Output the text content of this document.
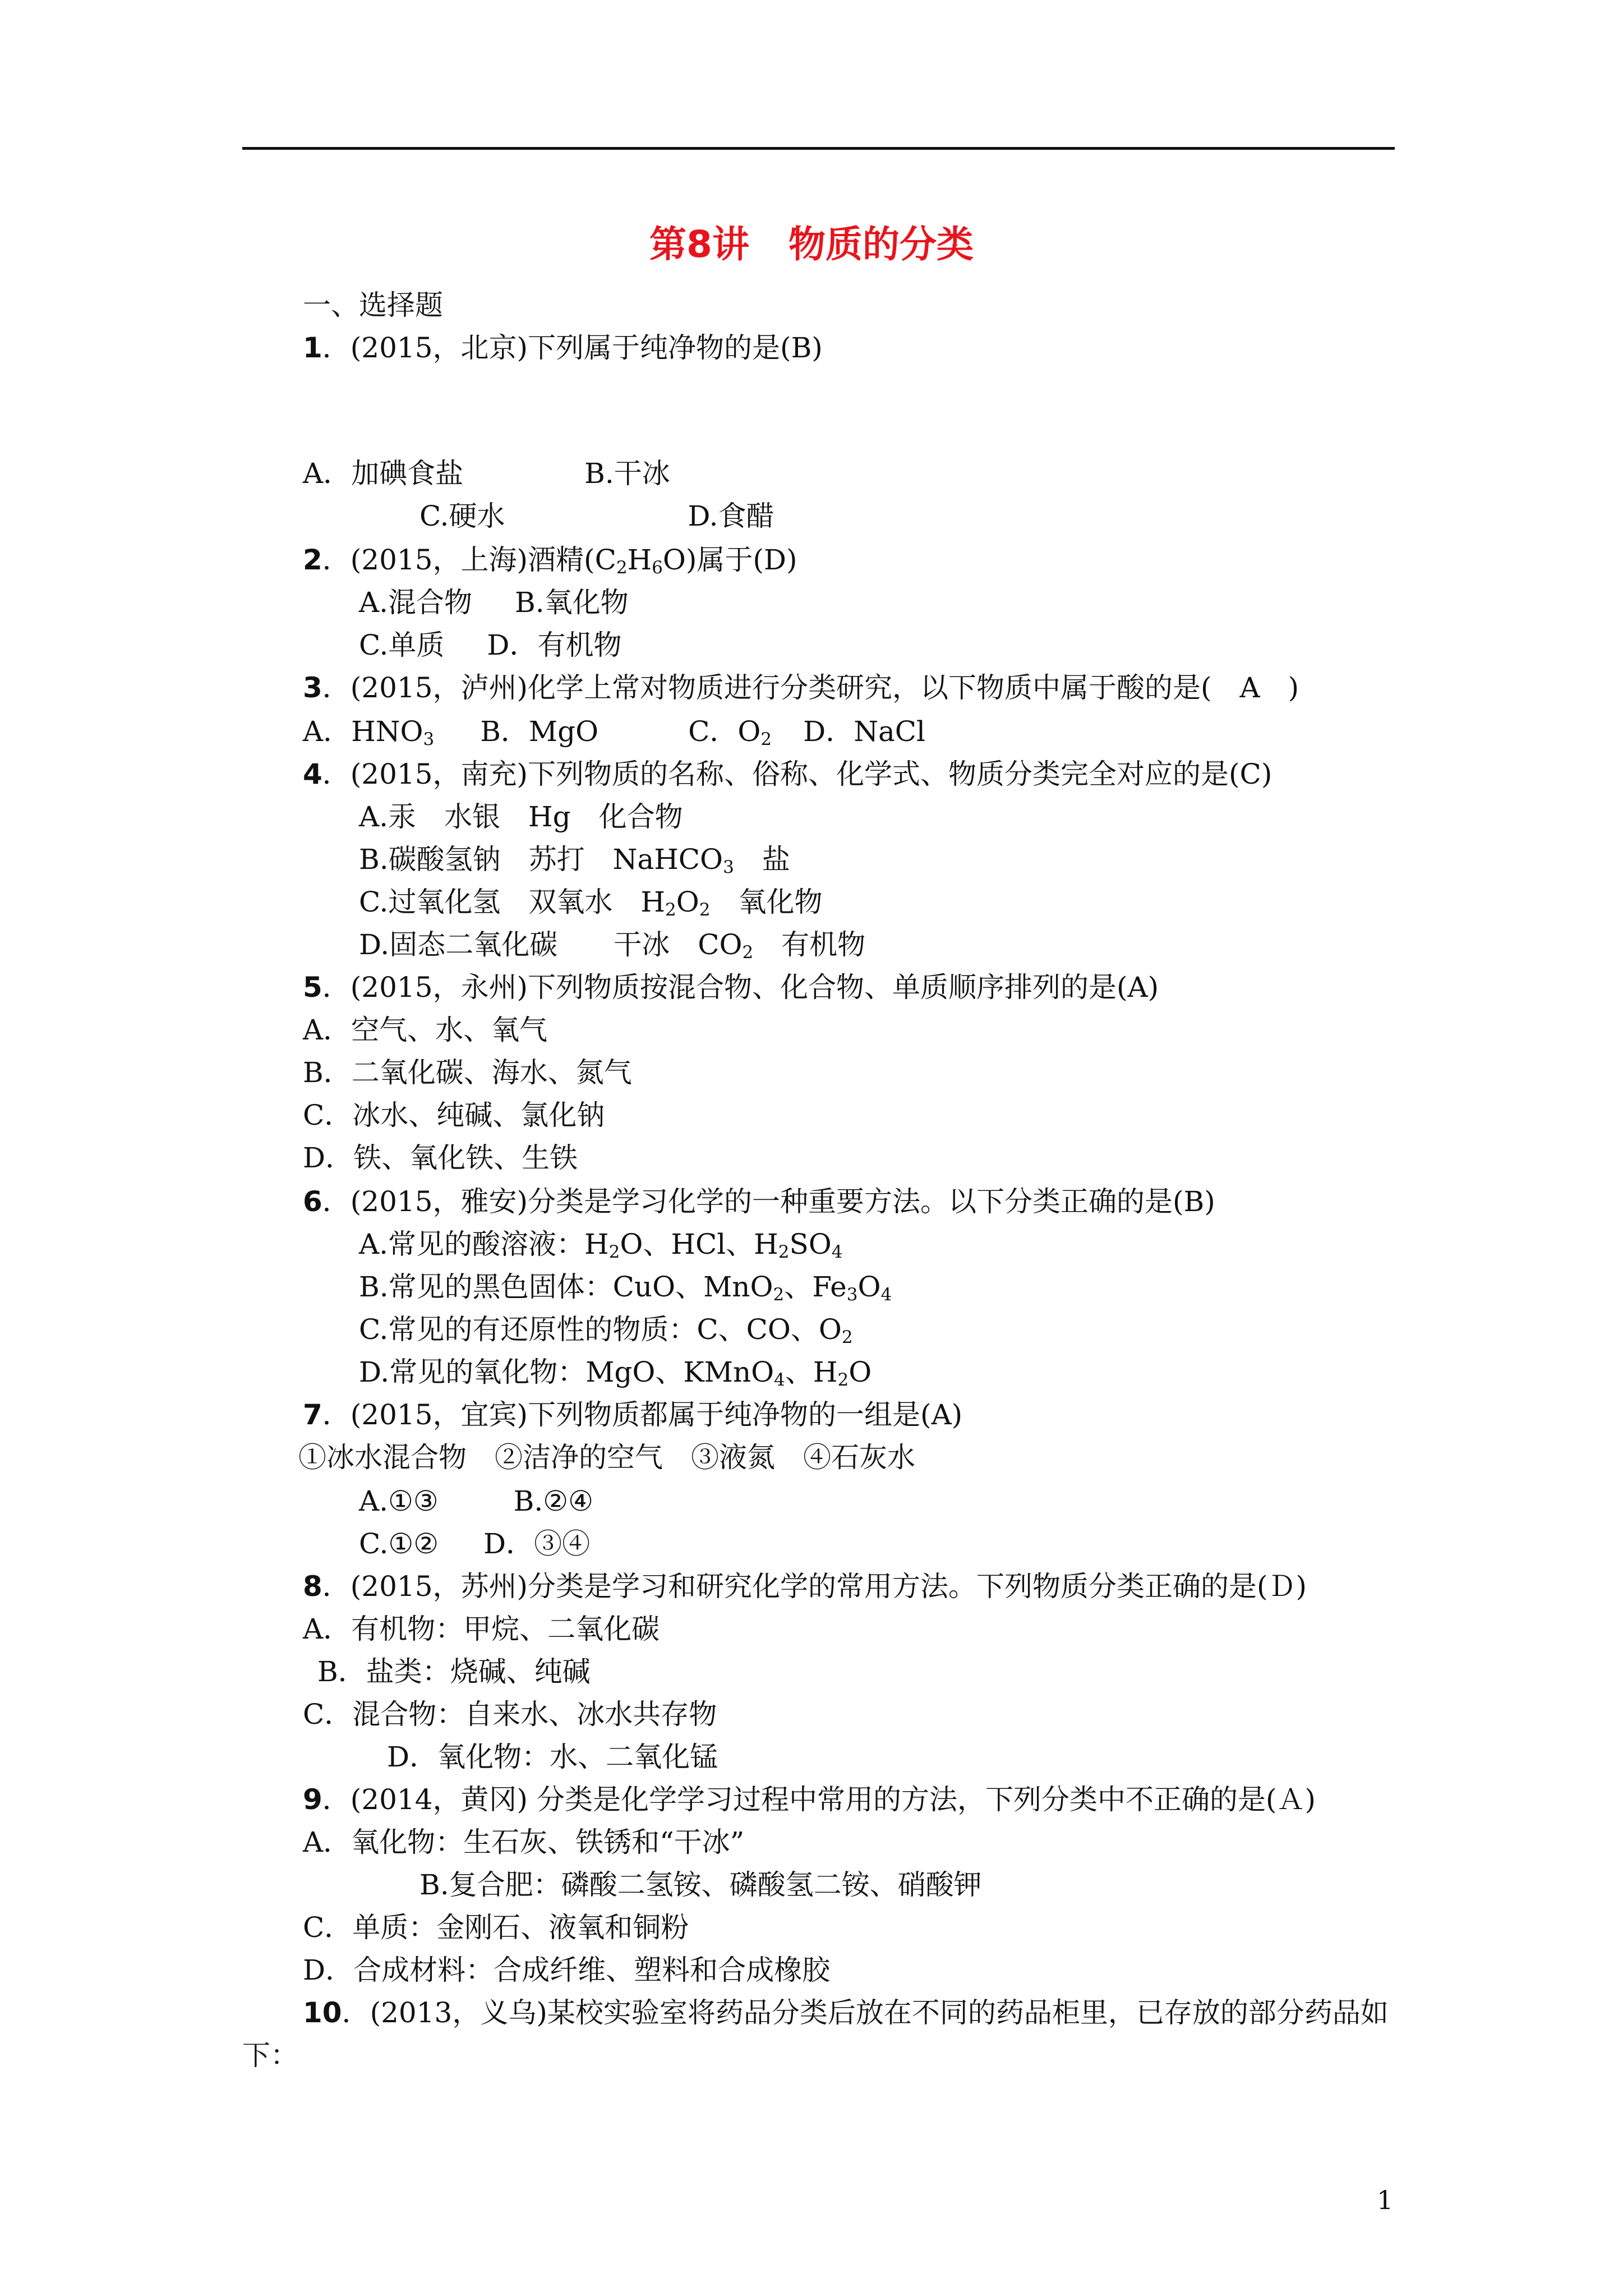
第8讲 物质的分类
一、选择题
1．(2015，北京)下列属于纯净物的是(B)
A．加碘食盐	B.干冰
C.硬水	D.食醋
2．(2015，上海)酒精$(C_2H_6O)$属于(D)
A.混合物 B.氧化物
C.单质 D．有机物
3．(2015，泸州)化学上常对物质进行分类研究，以下物质中属于酸的是(　A　)
A．$HNO_3$ B．MgO	C．$O_2$ D．NaCl
4．(2015，南充)下列物质的名称、俗称、化学式、物质分类完全对应的是(C)
A.汞　水银　Hg　化合物
B.碳酸氢钠　苏打　NaHCO$_3$　盐
C.过氧化氢　双氧水　$H_2O_2$　氧化物
D.固态二氧化碳　　干冰　$CO_2$　有机物
5．(2015，永州)下列物质按混合物、化合物、单质顺序排列的是(A)
A．空气、水、氧气
B．二氧化碳、海水、氮气
C．冰水、纯碱、氯化钠
D．铁、氧化铁、生铁
6．(2015，雅安)分类是学习化学的一种重要方法。以下分类正确的是(B)
A.常见的酸溶液：$H_2O$、HCl、$H_2SO_4$
B.常见的黑色固体：CuO、MnO$_2$、$Fe_3O_4$
C.常见的有还原性的物质：C、CO、$O_2$
D.常见的氧化物：MgO、KMnO$_4$、$H_2O$
7．(2015，宜宾)下列物质都属于纯净物的一组是(A)
①冰水混合物　②洁净的空气　③液氮　④石灰水
A.①③	B.②④
C.①② D．③④
8．(2015，苏州)分类是学习和研究化学的常用方法。下列物质分类正确的是(Ｄ)
A．有机物：甲烷、二氧化碳
B．盐类：烧碱、纯碱
C．混合物：自来水、冰水共存物
D．氧化物：水、二氧化锰
9．(2014，黄冈) 分类是化学学习过程中常用的方法，下列分类中不正确的是(Ａ)
A．氧化物：生石灰、铁锈和“干冰”
B.复合肥：磷酸二氢铵、磷酸氢二铵、硝酸钾
C．单质：金刚石、液氧和铜粉
D．合成材料：合成纤维、塑料和合成橡胶
10．(2013，义乌)某校实验室将药品分类后放在不同的药品柜里，已存放的部分药品如
下：
1
